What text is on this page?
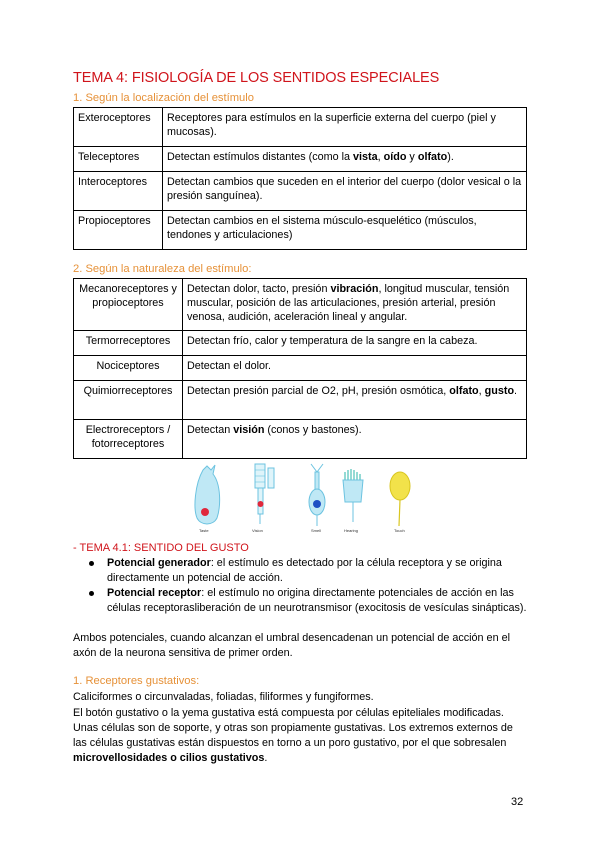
TEMA 4: FISIOLOGÍA DE LOS SENTIDOS ESPECIALES
1. Según la localización del estímulo
Exteroceptores	Receptores para estímulos en la superficie externa del cuerpo (piel y mucosas).
Teleceptores	Detectan estímulos distantes (como la vista, oído y olfato).
Interoceptores	Detectan cambios que suceden en el interior del cuerpo (dolor vesical o la presión sanguínea).
Propioceptores	Detectan cambios en el sistema músculo-esquelético (músculos, tendones y articulaciones)
2. Según la naturaleza del estímulo:
Mecanoreceptores y propioceptores	Detectan dolor, tacto, presión vibración, longitud muscular, tensión muscular, posición de las articulaciones, presión arterial, presión venosa, audición, aceleración lineal y angular.
Termorreceptores	Detectan frío, calor y temperatura de la sangre en la cabeza.
Nociceptores	Detectan el dolor.
Quimiorreceptores	Detectan presión parcial de O2, pH, presión osmótica, olfato, gusto.
Electroreceptors / fotorreceptores	Detectan visión (conos y bastones).
Taste	Vision	Smell	Hearing	Touch
- TEMA 4.1: SENTIDO DEL GUSTO
Potencial generador: el estímulo es detectado por la célula receptora y se origina directamente un potencial de acción.
Potencial receptor: el estímulo no origina directamente potenciales de acción en las células receptorasliberación de un neurotransmisor (exocitosis de vesículas sinápticas).
Ambos potenciales, cuando alcanzan el umbral desencadenan un potencial de acción en el axón de la neurona sensitiva de primer orden.
1. Receptores gustativos:
Caliciformes o circunvaladas, foliadas, filiformes y fungiformes.
El botón gustativo o la yema gustativa está compuesta por células epiteliales modificadas. Unas células son de soporte, y otras son propiamente gustativas. Los extremos externos de las células gustativas están dispuestos en torno a un poro gustativo, por el que sobresalen microvellosidades o cilios gustativos.
32
